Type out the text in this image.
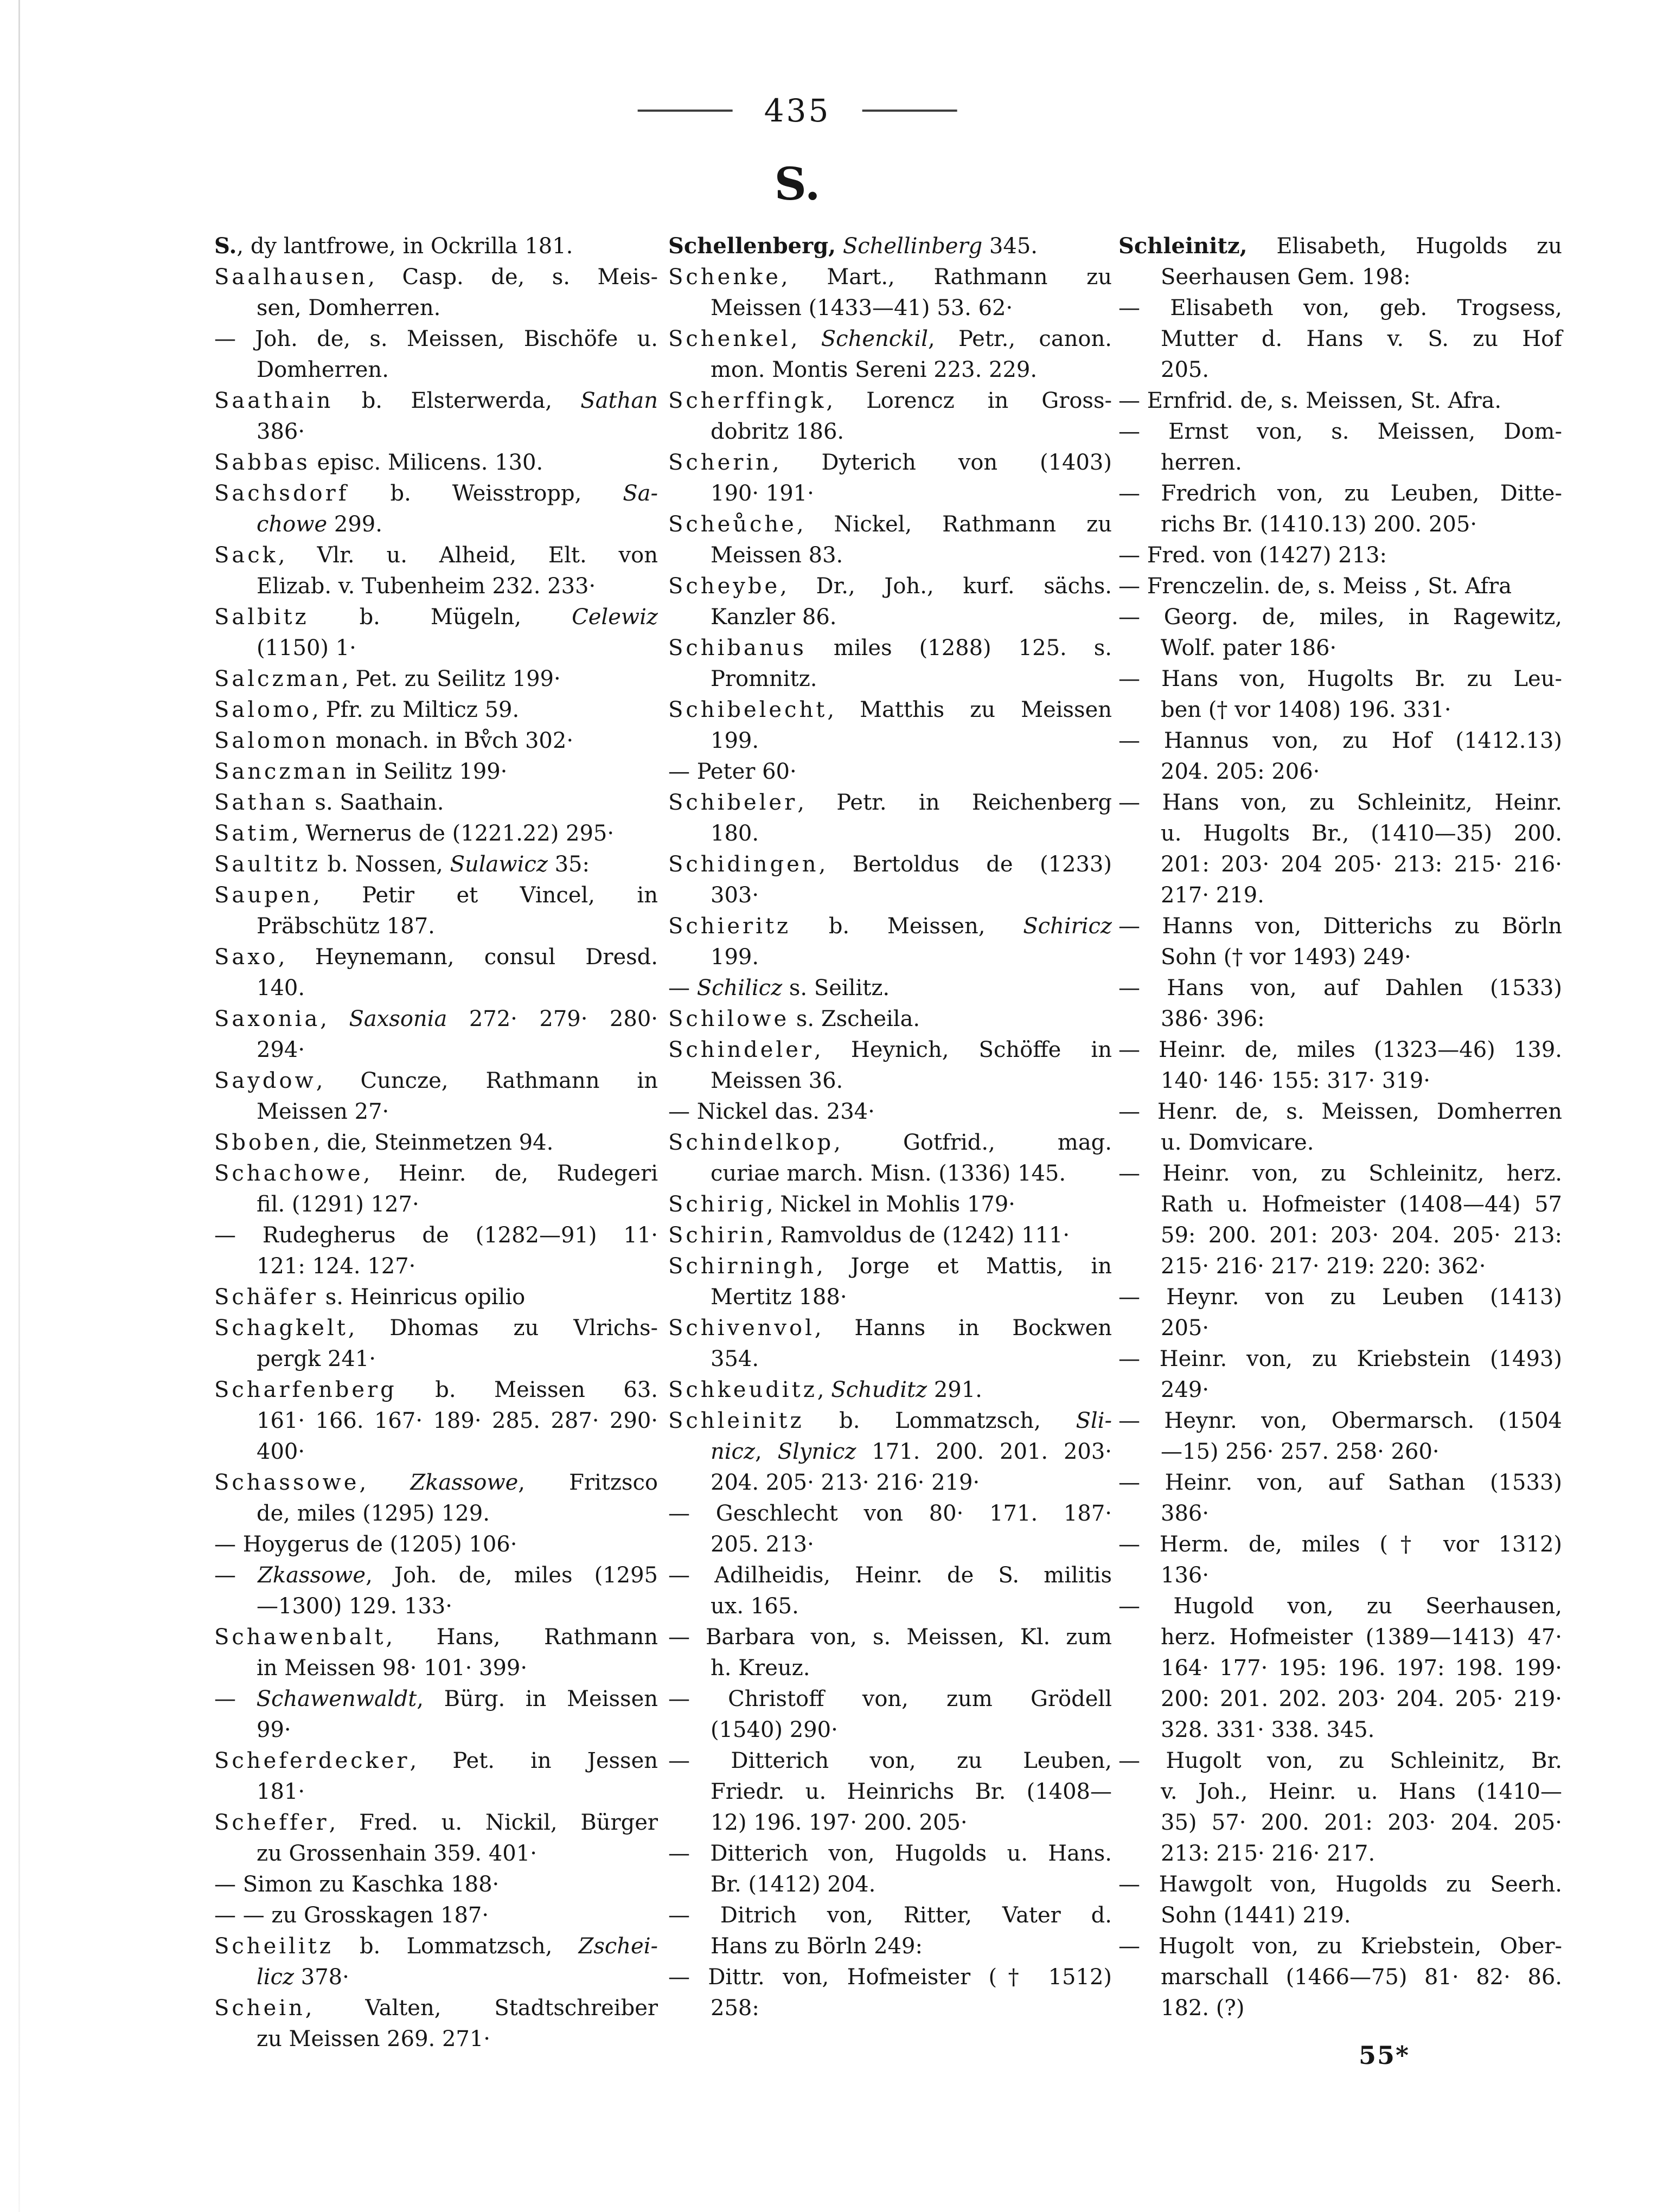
435
S.
S., dy lantfrowe, in Ockrilla 181.
Saalhausen, Casp. de, s. Meis-
sen, Domherren.
— Joh. de, s. Meissen, Bischöfe u.
Domherren.
Saathain b. Elsterwerda, Sathan
386·
Sabbas episc. Milicens. 130.
Sachsdorf b. Weisstropp, Sa-
chowe 299.
Sack, Vlr. u. Alheid, Elt. von
Elizab. v. Tubenheim 232. 233·
Salbitz b. Mügeln, Celewiz
(1150) 1·
Salczman, Pet. zu Seilitz 199·
Salomo, Pfr. zu Milticz 59.
Salomon monach. in Bv̊ch 302·
Sanczman in Seilitz 199·
Sathan s. Saathain.
Satim, Wernerus de (1221.22) 295·
Saultitz b. Nossen, Sulawicz 35:
Saupen, Petir et Vincel, in
Präbschütz 187.
Saxo, Heynemann, consul Dresd.
140.
Saxonia, Saxsonia 272· 279· 280·
294·
Saydow, Cuncze, Rathmann in
Meissen 27·
Sboben, die, Steinmetzen 94.
Schachowe, Heinr. de, Rudegeri
fil. (1291) 127·
— Rudegherus de (1282—91) 11·
121: 124. 127·
Schäfer s. Heinricus opilio
Schagkelt, Dhomas zu Vlrichs-
pergk 241·
Scharfenberg b. Meissen 63.
161· 166. 167· 189· 285. 287· 290· 400·
Schassowe, Zkassowe, Fritzsco
de, miles (1295) 129.
— Hoygerus de (1205) 106·
— Zkassowe, Joh. de, miles (1295
—1300) 129. 133·
Schawenbalt, Hans, Rathmann
in Meissen 98· 101· 399·
— Schawenwaldt, Bürg. in Meissen
99·
Scheferdecker, Pet. in Jessen
181·
Scheffer, Fred. u. Nickil, Bürger
zu Grossenhain 359. 401·
— Simon zu Kaschka 188·
— — zu Grosskagen 187·
Scheilitz b. Lommatzsch, Zschei-
licz 378·
Schein, Valten, Stadtschreiber
zu Meissen 269. 271·
Schellenberg, Schellinberg 345.
Schenke, Mart., Rathmann zu
Meissen (1433—41) 53. 62·
Schenkel, Schenckil, Petr., canon.
mon. Montis Sereni 223. 229.
Scherffingk, Lorencz in Gross-
dobritz 186.
Scherin, Dyterich von (1403)
190· 191·
Scheůche, Nickel, Rathmann zu
Meissen 83.
Scheybe, Dr., Joh., kurf. sächs.
Kanzler 86.
Schibanus miles (1288) 125. s.
Promnitz.
Schibelecht, Matthis zu Meissen
199.
— Peter 60·
Schibeler, Petr. in Reichenberg
180.
Schidingen, Bertoldus de (1233)
303·
Schieritz b. Meissen, Schiricz
199.
— Schilicz s. Seilitz.
Schilowe s. Zscheila.
Schindeler, Heynich, Schöffe in
Meissen 36.
— Nickel das. 234·
Schindelkop, Gotfrid., mag.
curiae march. Misn. (1336) 145.
Schirig, Nickel in Mohlis 179·
Schirin, Ramvoldus de (1242) 111·
Schirningh, Jorge et Mattis, in
Mertitz 188·
Schivenvol, Hanns in Bockwen
354.
Schkeuditz, Schuditz 291.
Schleinitz b. Lommatzsch, Sli-
nicz, Slynicz 171. 200. 201. 203·
204. 205· 213· 216· 219·
— Geschlecht von 80· 171. 187·
205. 213·
— Adilheidis, Heinr. de S. militis
ux. 165.
— Barbara von, s. Meissen, Kl. zum
h. Kreuz.
— Christoff von, zum Grödell
(1540) 290·
— Ditterich von, zu Leuben,
Friedr. u. Heinrichs Br. (1408—
12) 196. 197· 200. 205·
— Ditterich von, Hugolds u. Hans.
Br. (1412) 204.
— Ditrich von, Ritter, Vater d.
Hans zu Börln 249:
— Dittr. von, Hofmeister († 1512)
258:
Schleinitz, Elisabeth, Hugolds zu
Seerhausen Gem. 198:
— Elisabeth von, geb. Trogsess,
Mutter d. Hans v. S. zu Hof
205.
— Ernfrid. de, s. Meissen, St. Afra.
— Ernst von, s. Meissen, Dom-
herren.
— Fredrich von, zu Leuben, Ditte-
richs Br. (1410.13) 200. 205·
— Fred. von (1427) 213:
— Frenczelin. de, s. Meiss , St. Afra
— Georg. de, miles, in Ragewitz,
Wolf. pater 186·
— Hans von, Hugolts Br. zu Leu-
ben († vor 1408) 196. 331·
— Hannus von, zu Hof (1412.13)
204. 205: 206·
— Hans von, zu Schleinitz, Heinr.
u. Hugolts Br., (1410—35) 200.
201: 203· 204 205· 213: 215· 216·
217· 219.
— Hanns von, Ditterichs zu Börln
Sohn († vor 1493) 249·
— Hans von, auf Dahlen (1533)
386· 396:
— Heinr. de, miles (1323—46) 139.
140· 146· 155: 317· 319·
— Henr. de, s. Meissen, Domherren
u. Domvicare.
— Heinr. von, zu Schleinitz, herz.
Rath u. Hofmeister (1408—44) 57
59: 200. 201: 203· 204. 205· 213:
215· 216· 217· 219: 220: 362·
— Heynr. von zu Leuben (1413)
205·
— Heinr. von, zu Kriebstein (1493)
249·
— Heynr. von, Obermarsch. (1504
—15) 256· 257. 258· 260·
— Heinr. von, auf Sathan (1533)
386·
— Herm. de, miles († vor 1312)
136·
— Hugold von, zu Seerhausen,
herz. Hofmeister (1389—1413) 47·
164· 177· 195: 196. 197: 198. 199·
200: 201. 202. 203· 204. 205· 219·
328. 331· 338. 345.
— Hugolt von, zu Schleinitz, Br.
v. Joh., Heinr. u. Hans (1410—
35) 57· 200. 201: 203· 204. 205·
213: 215· 216· 217.
— Hawgolt von, Hugolds zu Seerh.
Sohn (1441) 219.
— Hugolt von, zu Kriebstein, Ober-
marschall (1466—75) 81· 82· 86.
182. (?)
55*
